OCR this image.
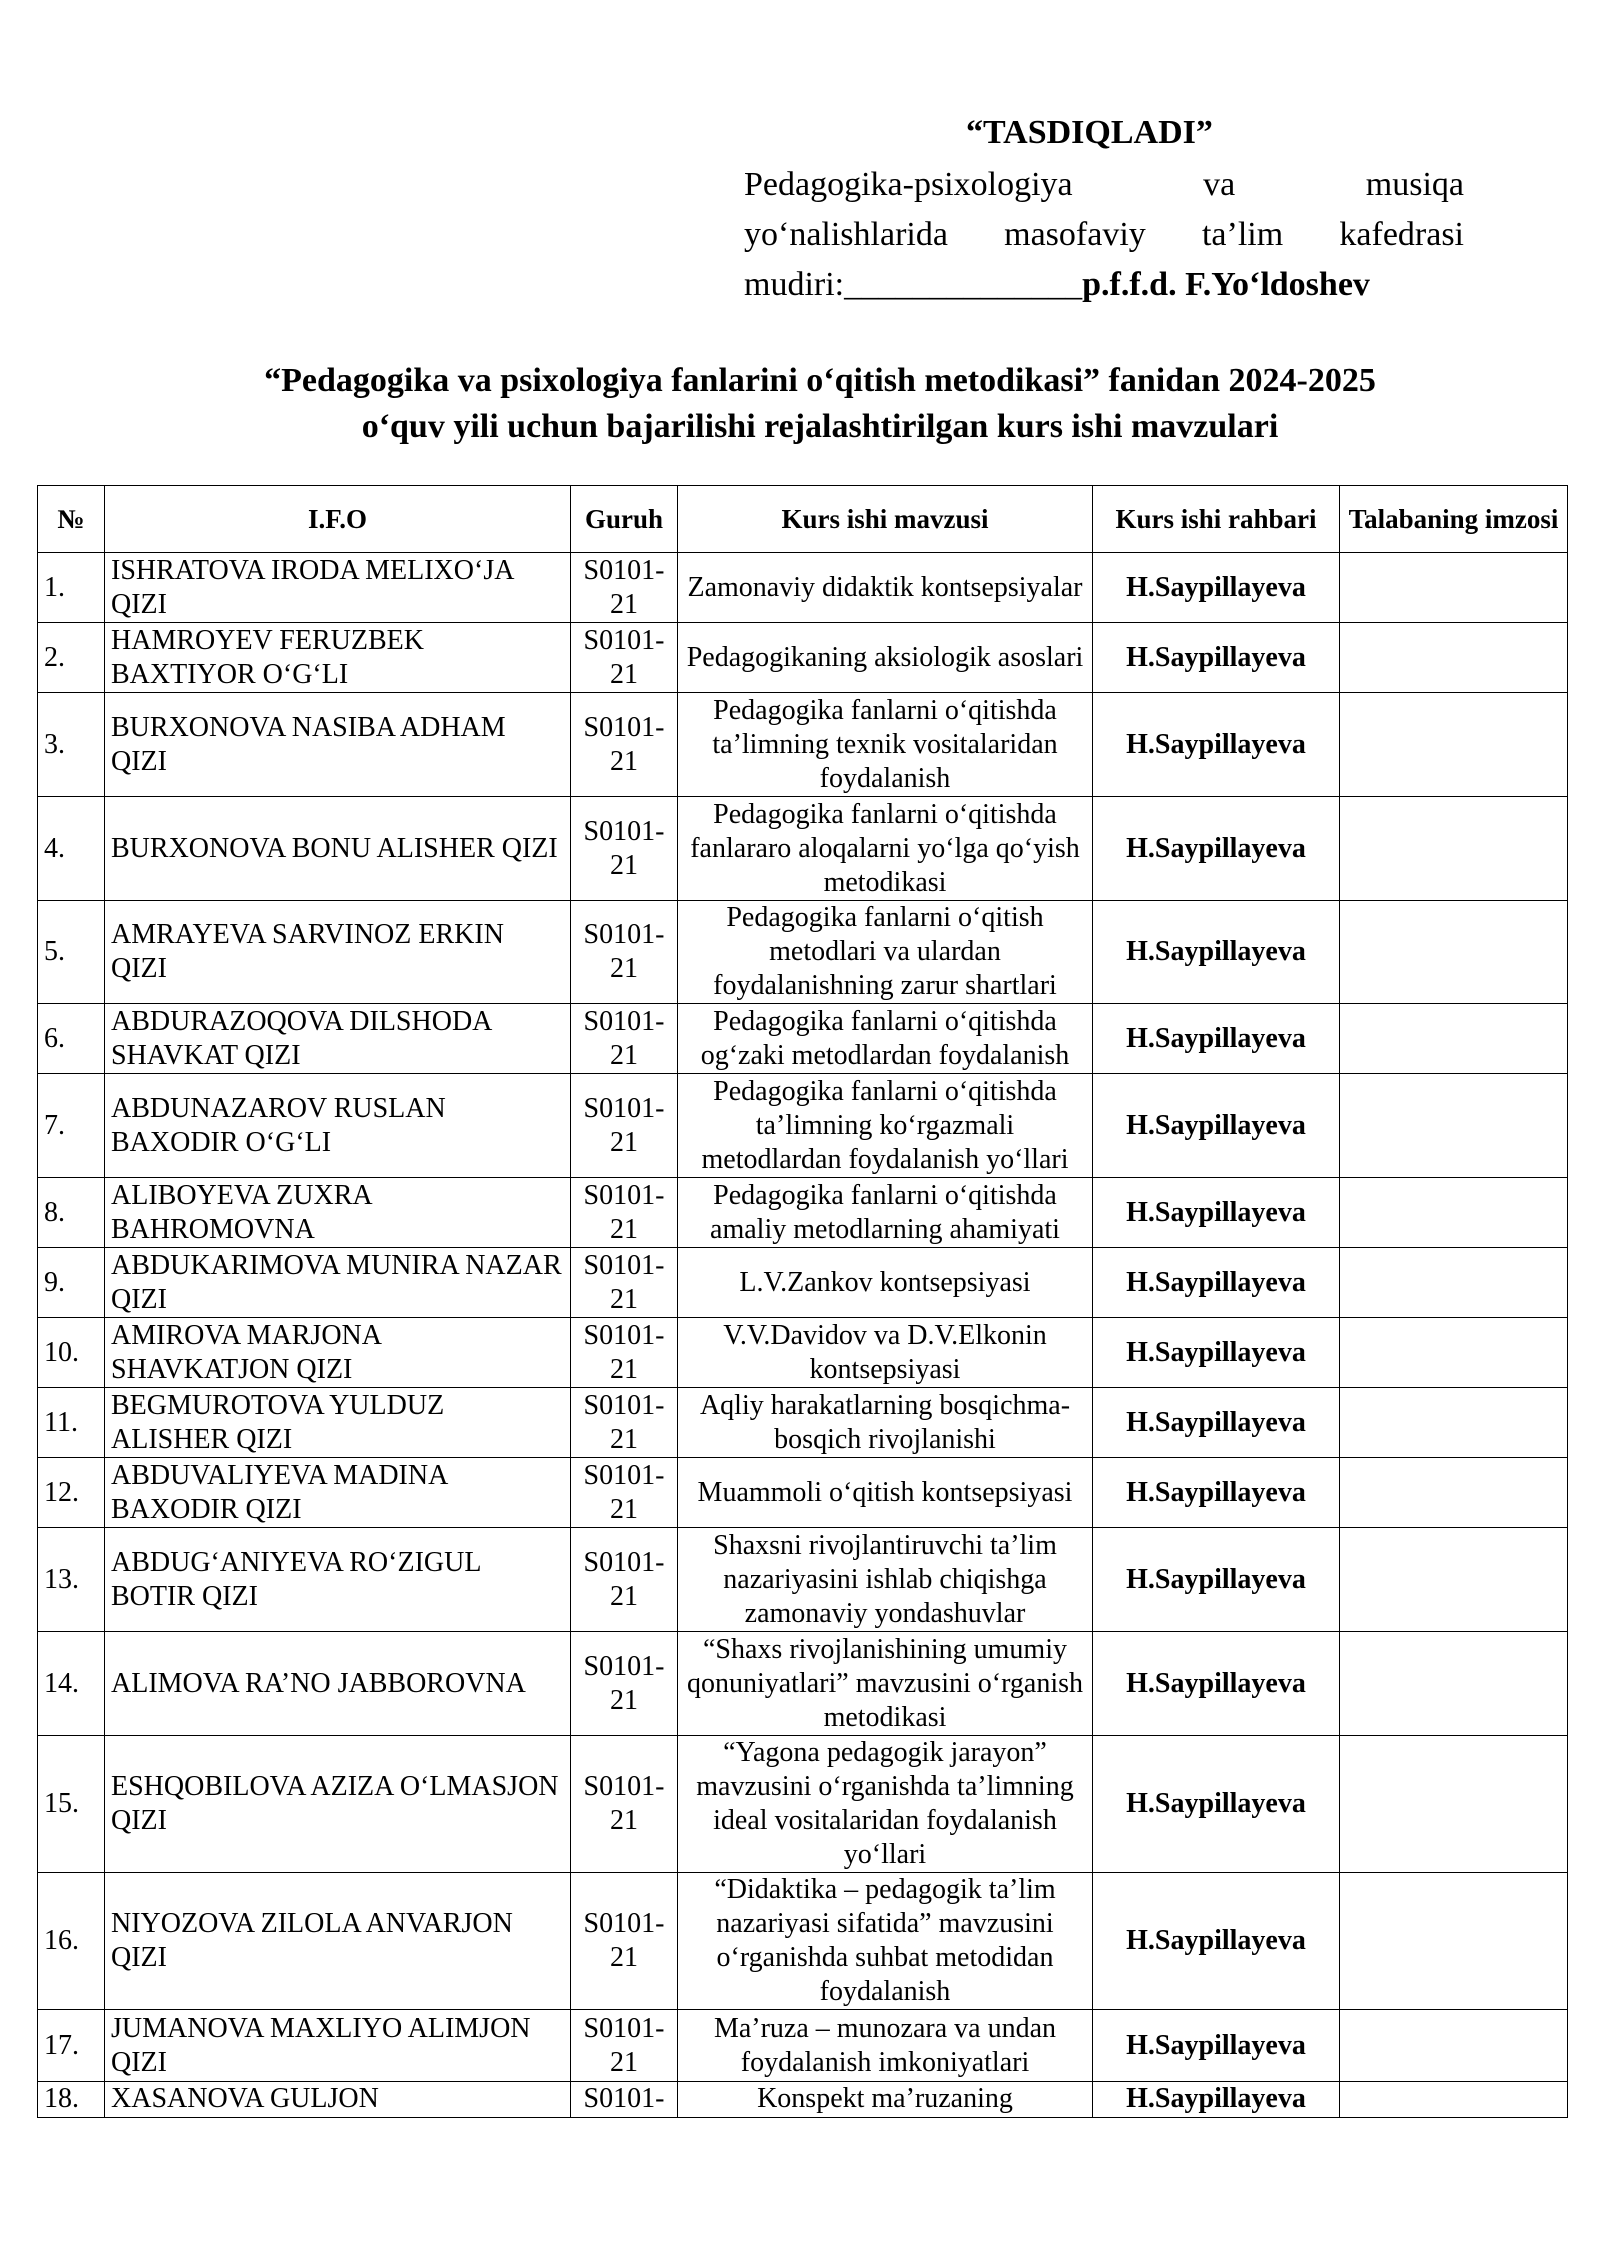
“TASDIQLADI”
Pedagogika-psixologiya va musiqa
yo‘nalishlarida masofaviy ta’lim kafedrasi
mudiri:______________p.f.f.d. F.Yo‘ldoshev
“Pedagogika va psixologiya fanlarini o‘qitish metodikasi” fanidan 2024-2025
o‘quv yili uchun bajarilishi rejalashtirilgan kurs ishi mavzulari
№	I.F.O	Guruh	Kurs ishi mavzusi	Kurs ishi rahbari	Talabaning imzosi
1.	ISHRATOVA IRODA MELIXO‘JA QIZI	S0101-21	Zamonaviy didaktik kontsepsiyalar	H.Saypillayeva	
2.	HAMROYEV FERUZBEK BAXTIYOR O‘G‘LI	S0101-21	Pedagogikaning aksiologik asoslari	H.Saypillayeva	
3.	BURXONOVA NASIBA ADHAM QIZI	S0101-21	Pedagogika fanlarni o‘qitishda ta’limning texnik vositalaridan foydalanish	H.Saypillayeva	
4.	BURXONOVA BONU ALISHER QIZI	S0101-21	Pedagogika fanlarni o‘qitishda fanlararo aloqalarni yo‘lga qo‘yish metodikasi	H.Saypillayeva	
5.	AMRAYEVA SARVINOZ ERKIN QIZI	S0101-21	Pedagogika fanlarni o‘qitish metodlari va ulardan foydalanishning zarur shartlari	H.Saypillayeva	
6.	ABDURAZOQOVA DILSHODA SHAVKAT QIZI	S0101-21	Pedagogika fanlarni o‘qitishda og‘zaki metodlardan foydalanish	H.Saypillayeva	
7.	ABDUNAZAROV RUSLAN BAXODIR O‘G‘LI	S0101-21	Pedagogika fanlarni o‘qitishda ta’limning ko‘rgazmali metodlardan foydalanish yo‘llari	H.Saypillayeva	
8.	ALIBOYEVA ZUXRA BAHROMOVNA	S0101-21	Pedagogika fanlarni o‘qitishda amaliy metodlarning ahamiyati	H.Saypillayeva	
9.	ABDUKARIMOVA MUNIRA NAZAR QIZI	S0101-21	L.V.Zankov kontsepsiyasi	H.Saypillayeva	
10.	AMIROVA MARJONA SHAVKATJON QIZI	S0101-21	V.V.Davidov va D.V.Elkonin kontsepsiyasi	H.Saypillayeva	
11.	BEGMUROTOVA YULDUZ ALISHER QIZI	S0101-21	Aqliy harakatlarning bosqichma-bosqich rivojlanishi	H.Saypillayeva	
12.	ABDUVALIYEVA MADINA BAXODIR QIZI	S0101-21	Muammoli o‘qitish kontsepsiyasi	H.Saypillayeva	
13.	ABDUG‘ANIYEVA RO‘ZIGUL BOTIR QIZI	S0101-21	Shaxsni rivojlantiruvchi ta’lim nazariyasini ishlab chiqishga zamonaviy yondashuvlar	H.Saypillayeva	
14.	ALIMOVA RA’NO JABBOROVNA	S0101-21	“Shaxs rivojlanishining umumiy qonuniyatlari” mavzusini o‘rganish metodikasi	H.Saypillayeva	
15.	ESHQOBILOVA AZIZA O‘LMASJON QIZI	S0101-21	“Yagona pedagogik jarayon” mavzusini o‘rganishda ta’limning ideal vositalaridan foydalanish yo‘llari	H.Saypillayeva	
16.	NIYOZOVA ZILOLA ANVARJON QIZI	S0101-21	“Didaktika – pedagogik ta’lim nazariyasi sifatida” mavzusini o‘rganishda suhbat metodidan foydalanish	H.Saypillayeva	
17.	JUMANOVA MAXLIYO ALIMJON QIZI	S0101-21	Ma’ruza – munozara va undan foydalanish imkoniyatlari	H.Saypillayeva	
18.	XASANOVA GULJON	S0101-	Konspekt ma’ruzaning	H.Saypillayeva	
